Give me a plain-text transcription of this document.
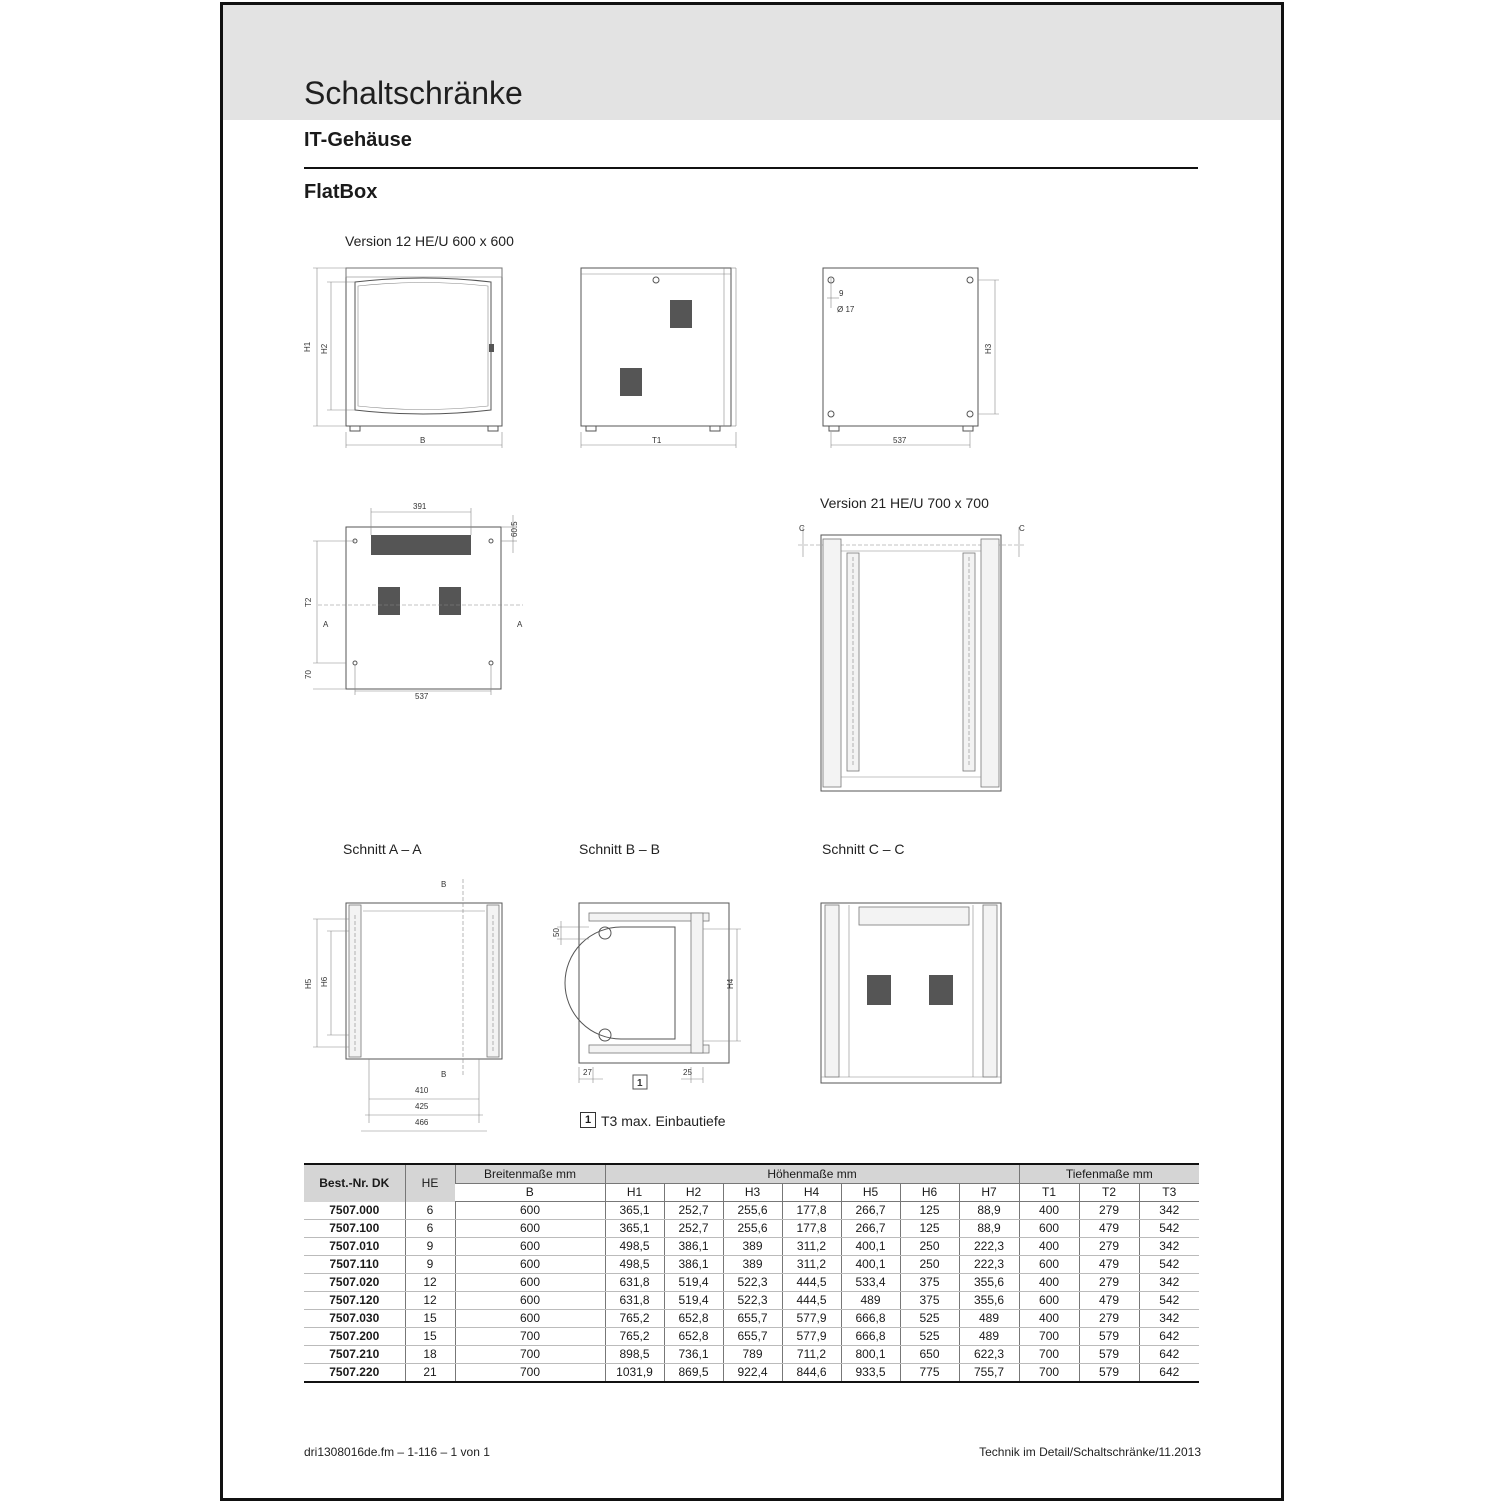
Schaltschränke
IT-Gehäuse
FlatBox
Version 12 HE/U 600 x 600
Version 21 HE/U 700 x 700
Schnitt A – A	Schnitt B – B	Schnitt C – C
H1 H2
B	T1
9
Ø 17
H3
537
391
60.5
T2
A	A
70
537
C	C
B
B
H5 H6
410
425
466
50
H4
27	25
1
1 T3 max. Einbautiefe
Best.-Nr. DK	HE	Breitenmaße mm	Höhenmaße mm							Tiefenmaße mm		
		B	H1	H2	H3	H4	H5	H6	H7	T1	T2	T3
7507.000	6	600	365,1	252,7	255,6	177,8	266,7	125	88,9	400	279	342
7507.100	6	600	365,1	252,7	255,6	177,8	266,7	125	88,9	600	479	542
7507.010	9	600	498,5	386,1	389	311,2	400,1	250	222,3	400	279	342
7507.110	9	600	498,5	386,1	389	311,2	400,1	250	222,3	600	479	542
7507.020	12	600	631,8	519,4	522,3	444,5	533,4	375	355,6	400	279	342
7507.120	12	600	631,8	519,4	522,3	444,5	489	375	355,6	600	479	542
7507.030	15	600	765,2	652,8	655,7	577,9	666,8	525	489	400	279	342
7507.200	15	700	765,2	652,8	655,7	577,9	666,8	525	489	700	579	642
7507.210	18	700	898,5	736,1	789	711,2	800,1	650	622,3	700	579	642
7507.220	21	700	1031,9	869,5	922,4	844,6	933,5	775	755,7	700	579	642
dri1308016de.fm – 1-116 – 1 von 1	Technik im Detail/Schaltschränke/11.2013
